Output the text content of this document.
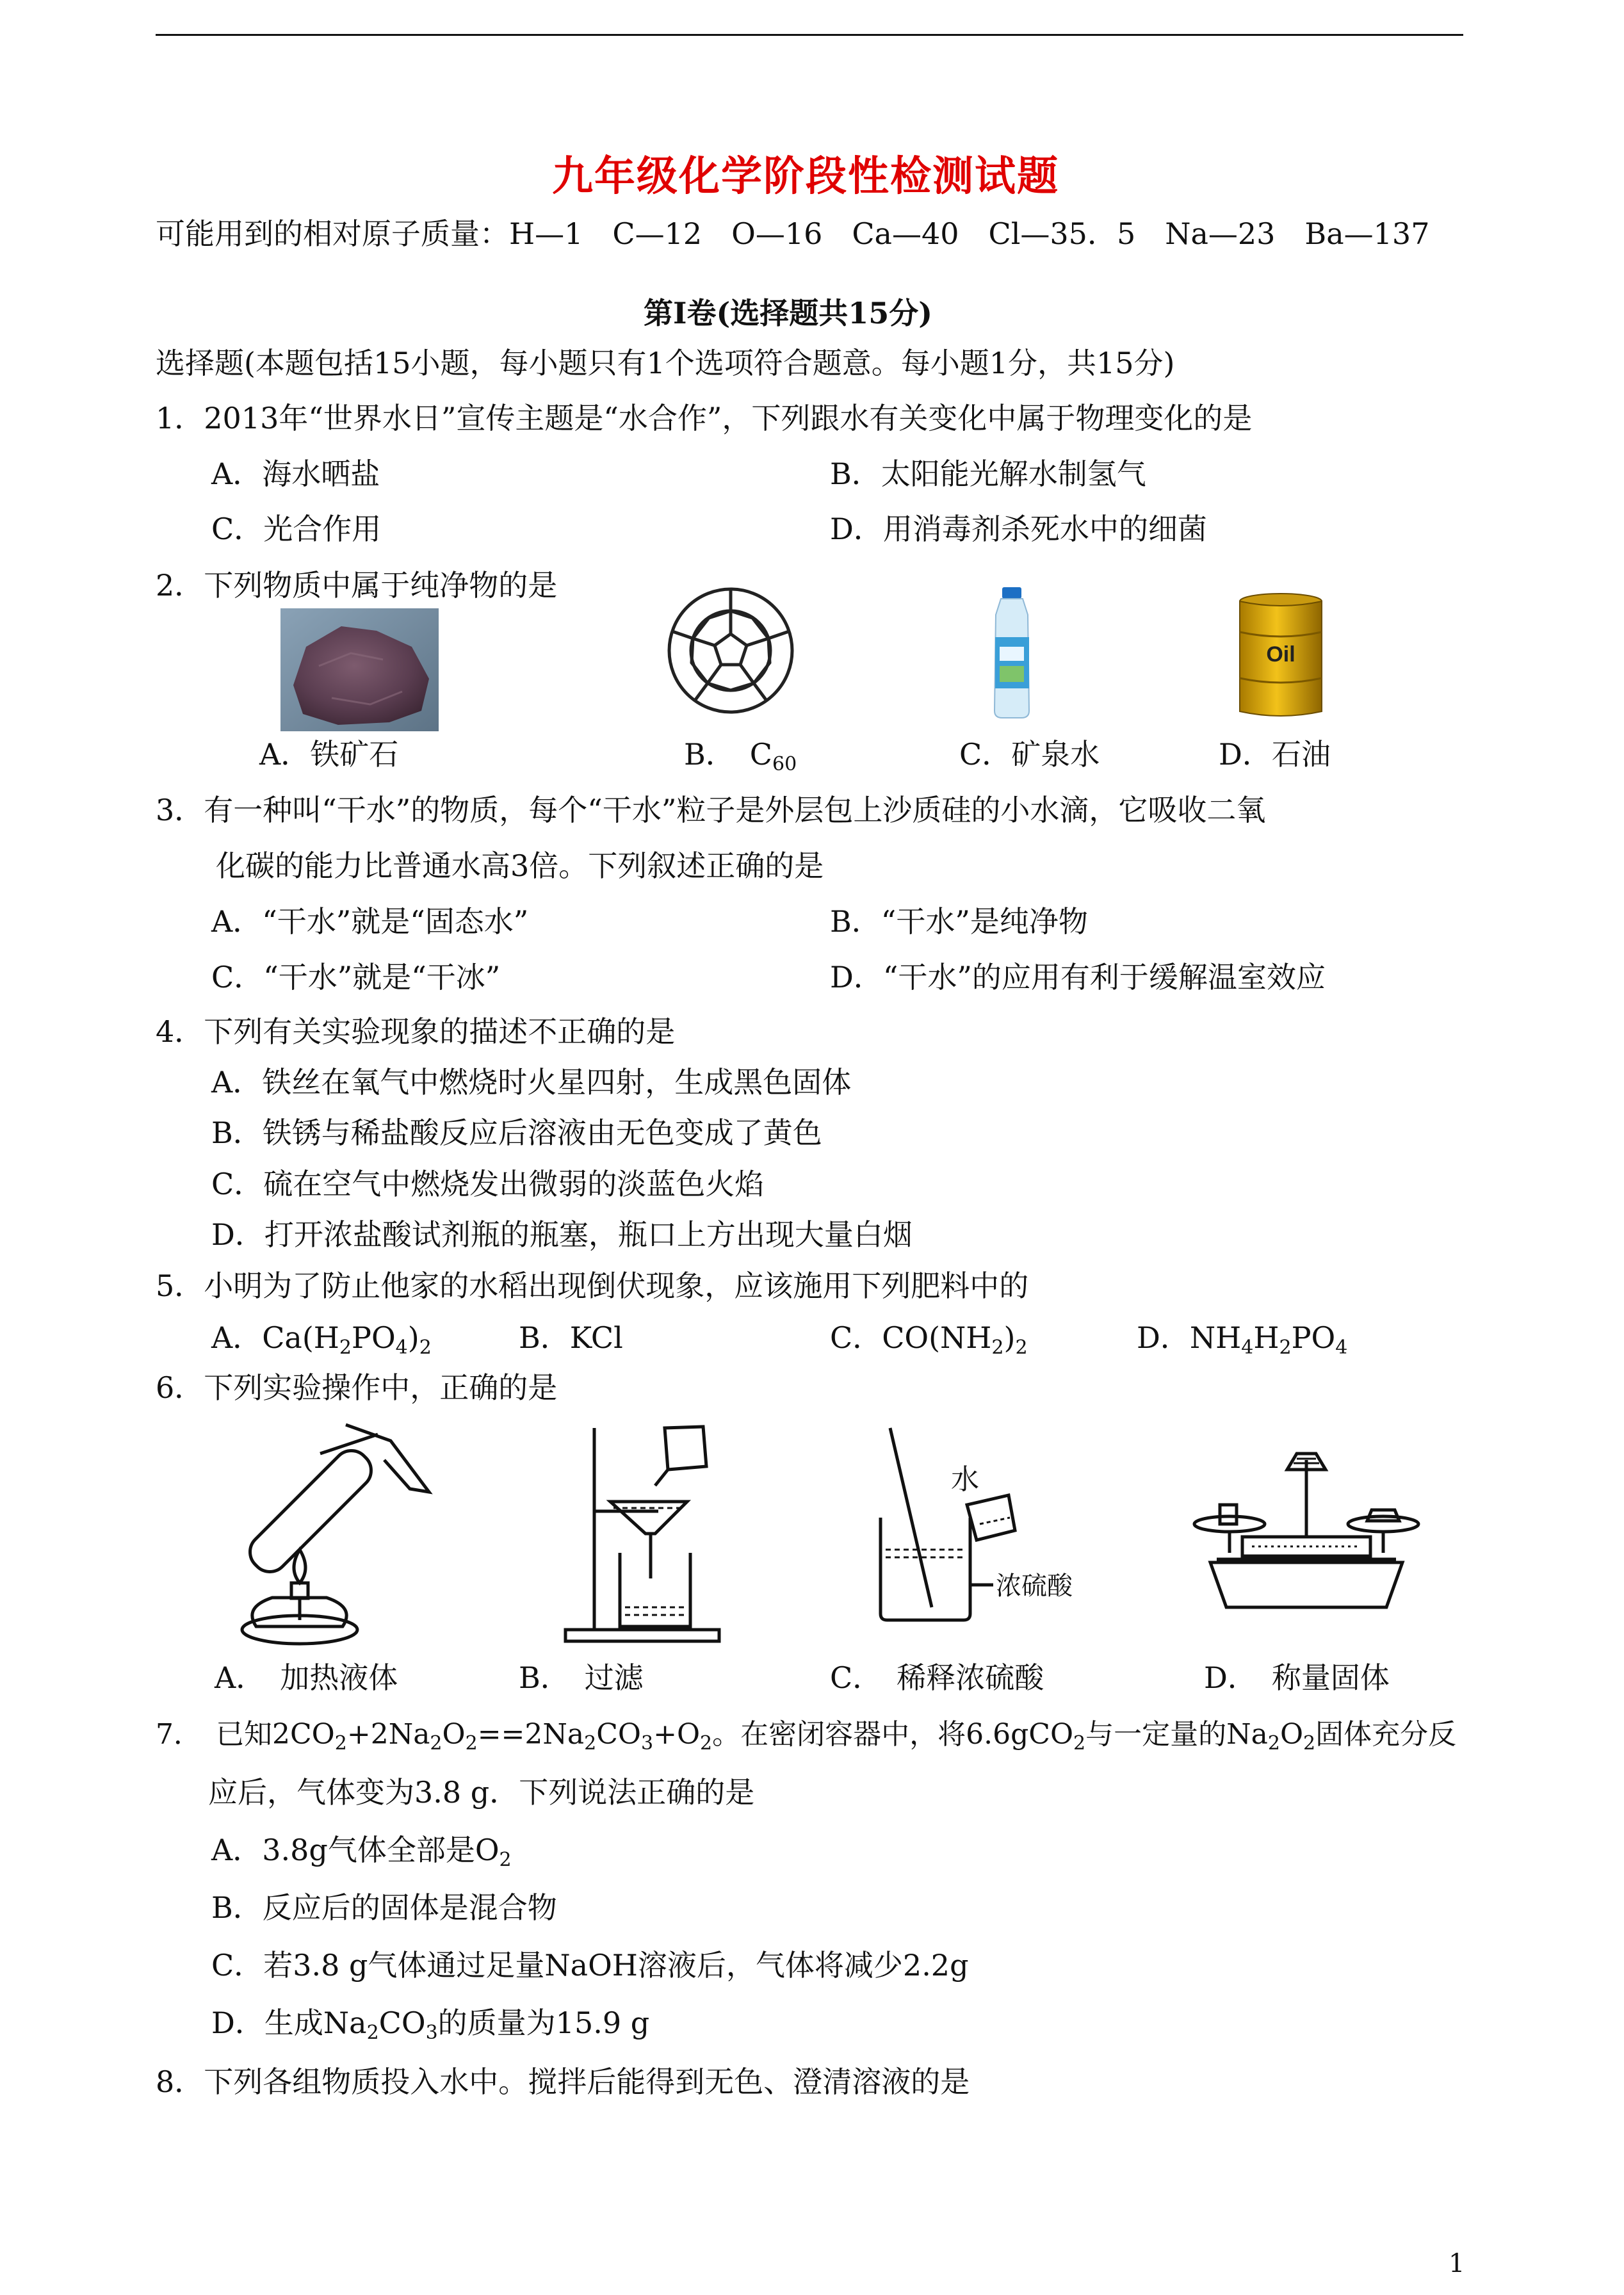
九年级化学阶段性检测试题
可能用到的相对原子质量：H—1　C—12　O—16　Ca—40　Cl—35．5　Na—23　Ba—137
第Ⅰ卷(选择题共15分)
选择题(本题包括15小题，每小题只有1个选项符合题意。每小题1分，共15分)
1．2013年“世界水日”宣传主题是“水合作”，下列跟水有关变化中属于物理变化的是
A．海水晒盐	B．太阳能光解水制氢气
C．光合作用	D．用消毒剂杀死水中的细菌
2．下列物质中属于纯净物的是
Oil
A．铁矿石	B．　$C_{60}$	C．矿泉水	D．石油
3．有一种叫“干水”的物质，每个“干水”粒子是外层包上沙质硅的小水滴，它吸收二氧
化碳的能力比普通水高3倍。下列叙述正确的是
A．“干水”就是“固态水”	B．“干水”是纯净物
C．“干水”就是“干冰”	D．“干水”的应用有利于缓解温室效应
4．下列有关实验现象的描述不正确的是
A．铁丝在氧气中燃烧时火星四射，生成黑色固体
B．铁锈与稀盐酸反应后溶液由无色变成了黄色
C．硫在空气中燃烧发出微弱的淡蓝色火焰
D．打开浓盐酸试剂瓶的瓶塞，瓶口上方出现大量白烟
5．小明为了防止他家的水稻出现倒伏现象，应该施用下列肥料中的
A．$Ca(H_2PO_4)_2$	B．KCl	C．$CO(NH_2)_2$	D．$NH_4H_2PO_4$
6．下列实验操作中，正确的是
水
浓硫酸
A．　加热液体	B．　过滤	C．　稀释浓硫酸	D．　称量固体
7．　已知$2CO_2+2Na_2O_2==2Na_2CO_3+O_2$。在密闭容器中，将6.6gCO$_2$与一定量的$Na_2O_2$固体充分反
应后，气体变为3.8 g．下列说法正确的是
A．3.8g气体全部是$O_2$
B．反应后的固体是混合物
C．若3.8 g气体通过足量NaOH溶液后，气体将减少2.2g
D．生成$Na_2CO_3$的质量为15.9 g
8．下列各组物质投入水中。搅拌后能得到无色、澄清溶液的是
1
